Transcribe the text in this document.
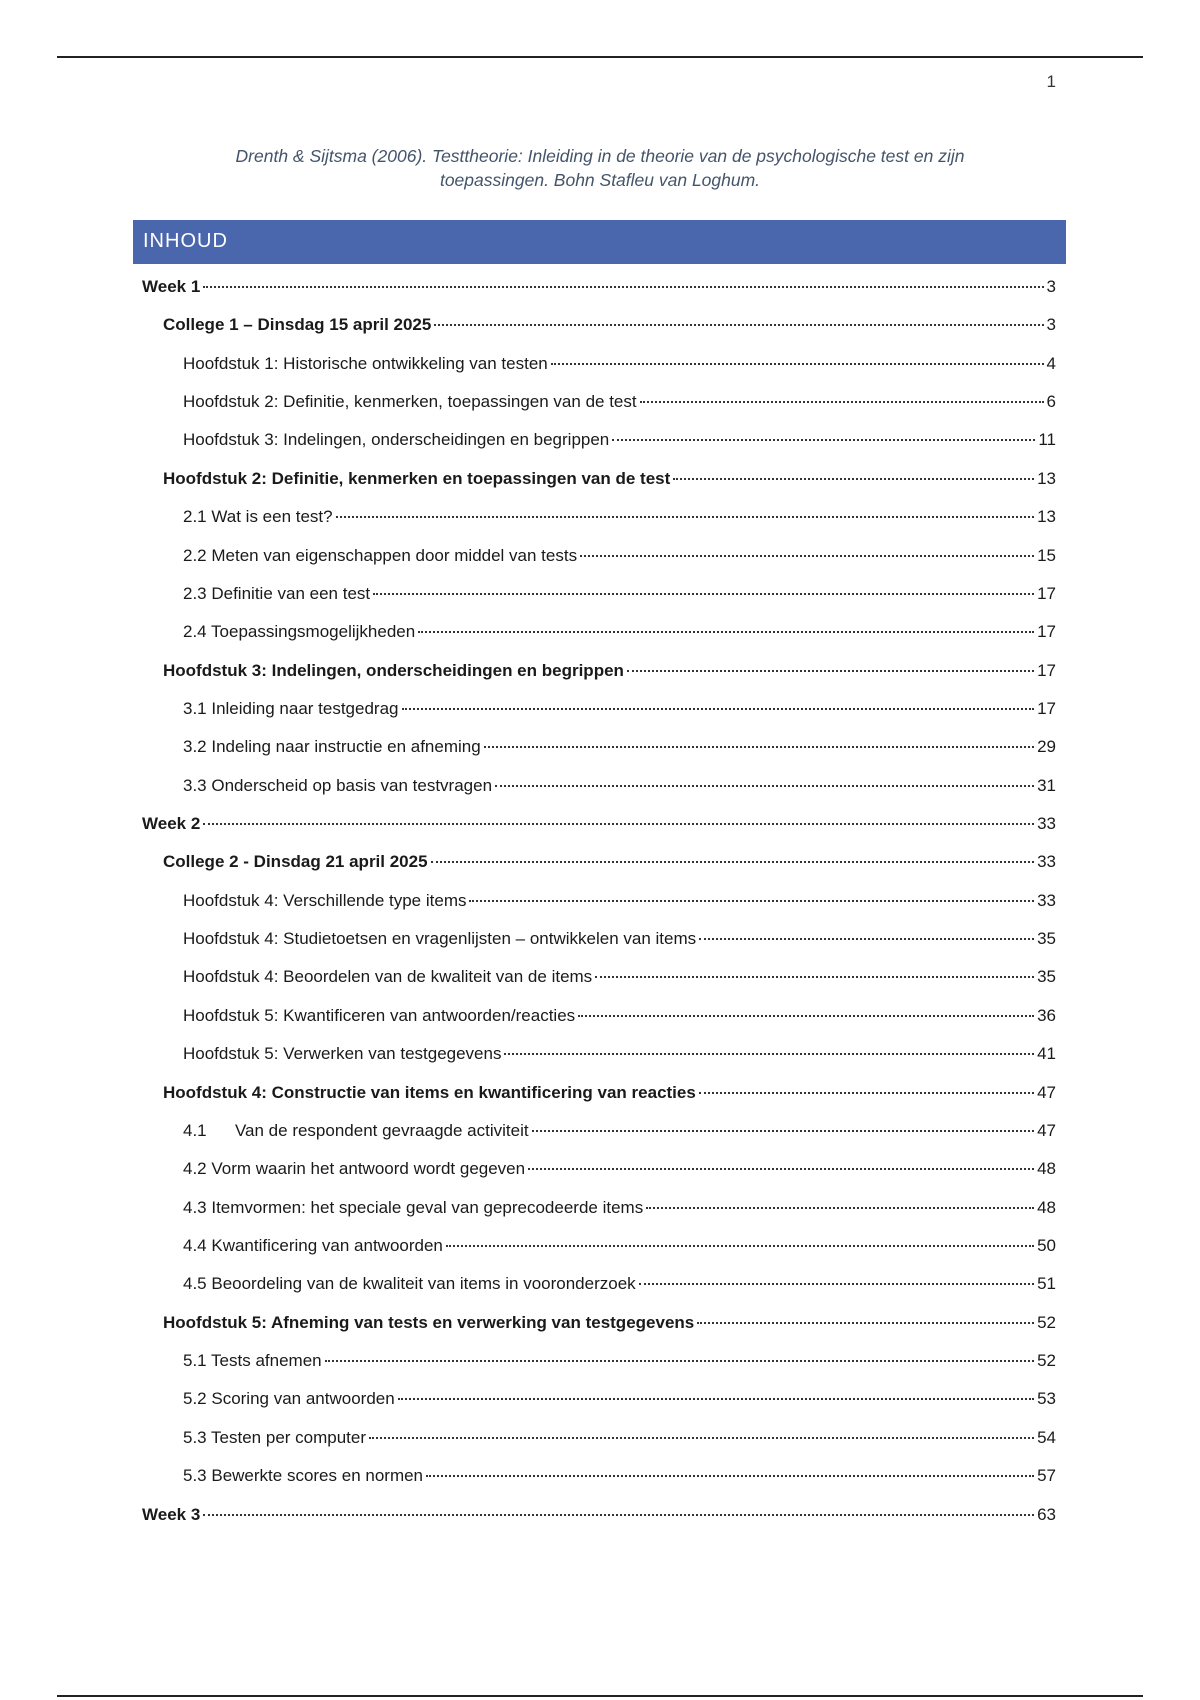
1
Drenth & Sijtsma (2006). Testtheorie: Inleiding in de theorie van de psychologische test en zijn
toepassingen. Bohn Stafleu van Loghum.
INHOUD
Week 1	3
College 1 – Dinsdag 15 april 2025	3
Hoofdstuk 1: Historische ontwikkeling van testen	4
Hoofdstuk 2: Definitie, kenmerken, toepassingen van de test	6
Hoofdstuk 3: Indelingen, onderscheidingen en begrippen	11
Hoofdstuk 2: Definitie, kenmerken en toepassingen van de test	13
2.1 Wat is een test?	13
2.2 Meten van eigenschappen door middel van tests	15
2.3 Definitie van een test	17
2.4 Toepassingsmogelijkheden	17
Hoofdstuk 3: Indelingen, onderscheidingen en begrippen	17
3.1 Inleiding naar testgedrag	17
3.2 Indeling naar instructie en afneming	29
3.3 Onderscheid op basis van testvragen	31
Week 2	33
College 2 - Dinsdag 21 april 2025	33
Hoofdstuk 4: Verschillende type items	33
Hoofdstuk 4: Studietoetsen en vragenlijsten – ontwikkelen van items	35
Hoofdstuk 4: Beoordelen van de kwaliteit van de items	35
Hoofdstuk 5: Kwantificeren van antwoorden/reacties	36
Hoofdstuk 5: Verwerken van testgegevens	41
Hoofdstuk 4: Constructie van items en kwantificering van reacties	47
4.1      Van de respondent gevraagde activiteit	47
4.2 Vorm waarin het antwoord wordt gegeven	48
4.3 Itemvormen: het speciale geval van geprecodeerde items	48
4.4 Kwantificering van antwoorden	50
4.5 Beoordeling van de kwaliteit van items in vooronderzoek	51
Hoofdstuk 5: Afneming van tests en verwerking van testgegevens	52
5.1 Tests afnemen	52
5.2 Scoring van antwoorden	53
5.3 Testen per computer	54
5.3 Bewerkte scores en normen	57
Week 3	63
